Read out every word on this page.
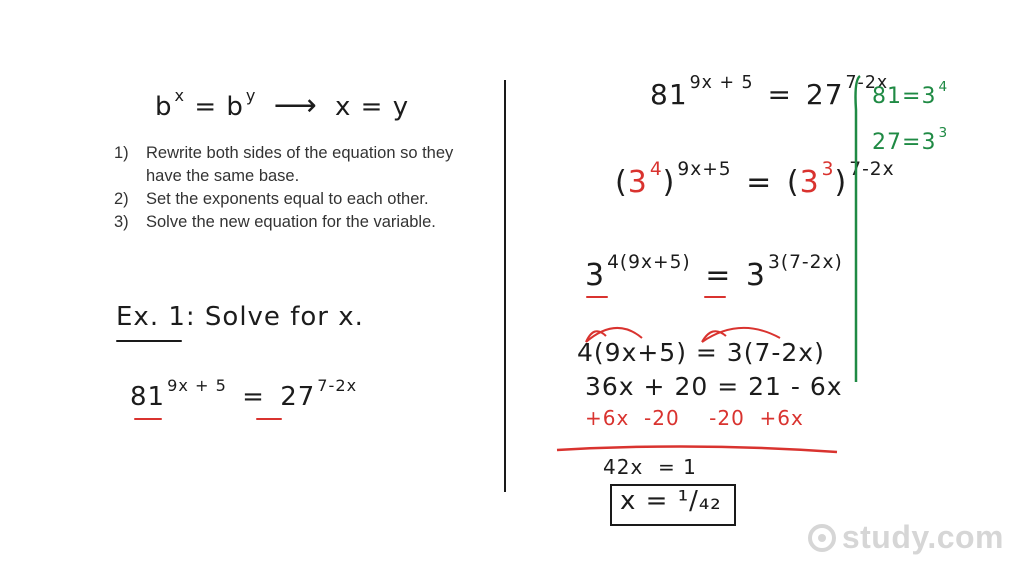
b $^x$ = b $^y$ ⟶ x = y
1)	Rewrite both sides of the equation so they have the same base.
2)	Set the exponents equal to each other.
3)	Solve the new equation for the variable.
Ex. 1: Solve for x.
81 $^{9x + 5}$ = 27 $^{7-2x}$
81 $^{9x + 5}$ = 27 $^{7-2x}$
(3 $^4$) $^{9x+5}$ = (3 $^3$) $^{7-2x}$
3 $^{4(9x+5)}$ = 3 $^{3(7-2x)}$
4(9x+5) = 3(7-2x)
36x + 20 = 21 - 6x
+6x  -20    -20  +6x
42x  = 1
x = ¹/₄₂
81=3 $^4$
27=3 $^3$
study.com
